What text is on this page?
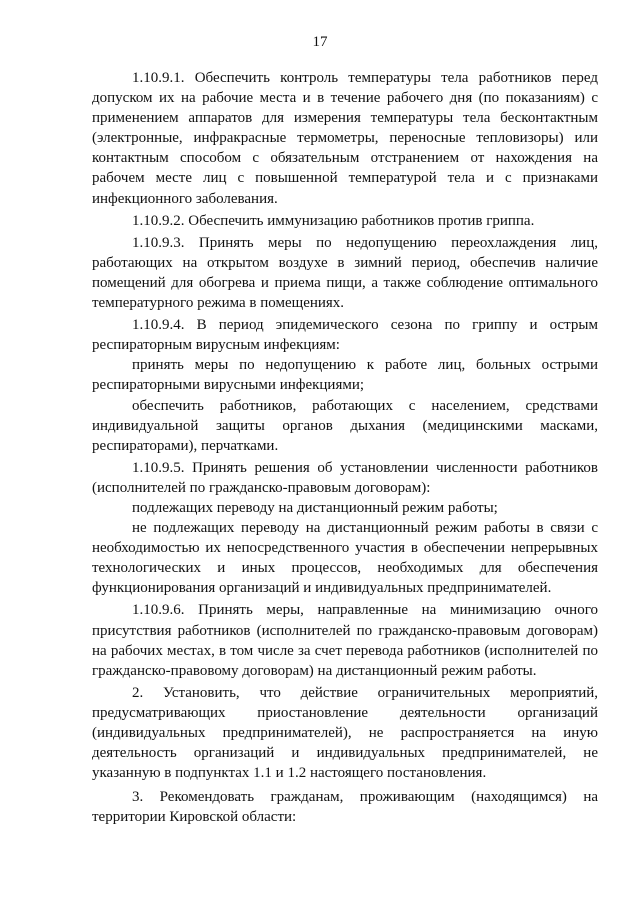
17

1.10.9.1. Обеспечить контроль температуры тела работников перед допуском их на рабочие места и в течение рабочего дня (по показаниям) с применением аппаратов для измерения температуры тела бесконтактным (электронные, инфракрасные термометры, переносные тепловизоры) или контактным способом с обязательным отстранением от нахождения на рабочем месте лиц с повышенной температурой тела и с признаками инфекционного заболевания.

1.10.9.2. Обеспечить иммунизацию работников против гриппа.

1.10.9.3. Принять меры по недопущению переохлаждения лиц, работающих на открытом воздухе в зимний период, обеспечив наличие помещений для обогрева и приема пищи, а также соблюдение оптимального температурного режима в помещениях.

1.10.9.4. В период эпидемического сезона по гриппу и острым респираторным вирусным инфекциям:

принять меры по недопущению к работе лиц, больных острыми респираторными вирусными инфекциями;

обеспечить работников, работающих с населением, средствами индивидуальной защиты органов дыхания (медицинскими масками, респираторами), перчатками.

1.10.9.5. Принять решения об установлении численности работников (исполнителей по гражданско-правовым договорам):

подлежащих переводу на дистанционный режим работы;

не подлежащих переводу на дистанционный режим работы в связи с необходимостью их непосредственного участия в обеспечении непрерывных технологических и иных процессов, необходимых для обеспечения функционирования организаций и индивидуальных предпринимателей.

1.10.9.6. Принять меры, направленные на минимизацию очного присутствия работников (исполнителей по гражданско-правовым договорам) на рабочих местах, в том числе за счет перевода работников (исполнителей по гражданско-правовому договорам) на дистанционный режим работы.

2. Установить, что действие ограничительных мероприятий, предусматривающих приостановление деятельности организаций (индивидуальных предпринимателей), не распространяется на иную деятельность организаций и индивидуальных предпринимателей, не указанную в подпунктах 1.1 и 1.2 настоящего постановления.

3. Рекомендовать гражданам, проживающим (находящимся) на территории Кировской области:
